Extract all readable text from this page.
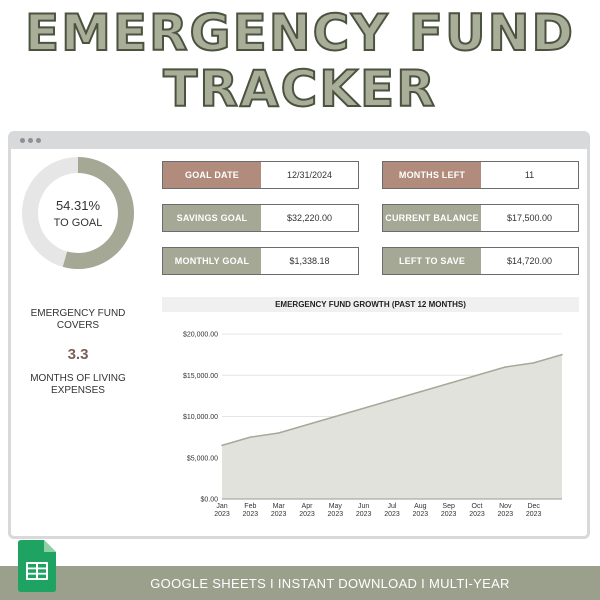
EMERGENCY FUND
TRACKER
54.31%
TO GOAL
GOAL DATE	12/31/2024	MONTHS LEFT	11
SAVINGS GOAL	$32,220.00	CURRENT BALANCE	$17,500.00
MONTHLY GOAL	$1,338.18	LEFT TO SAVE	$14,720.00
EMERGENCY FUND COVERS
3.3
MONTHS OF LIVING EXPENSES
EMERGENCY FUND GROWTH (PAST 12 MONTHS)
$0.00
$5,000.00
$10,000.00
$15,000.00
$20,000.00
Jan
2023
Feb
2023
Mar
2023
Apr
2023
May
2023
Jun
2023
Jul
2023
Aug
2023
Sep
2023
Oct
2023
Nov
2023
Dec
2023
GOOGLE SHEETS I INSTANT DOWNLOAD I MULTI-YEAR
